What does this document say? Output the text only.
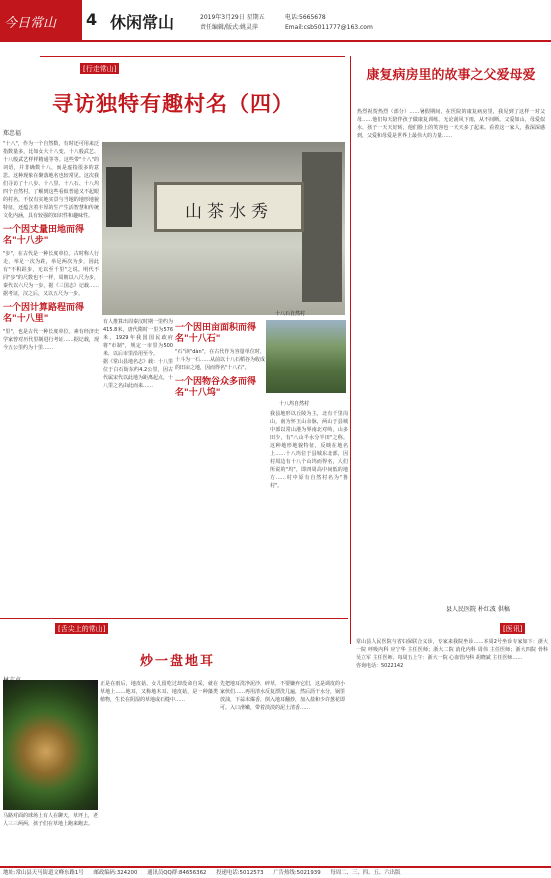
今日常山	4 休闲常山	2019年3月29日 星期五
责任编辑/版式:姚灵萍
电话:5665678
Email:csb5011777@163.com
[行走常山]
寻访独特有趣村名（四）
郑忠福
山茶水秀
十八石自然村
十八坞自然村

"十八"，作为一个自然数，有时还可用来泛指数量多，比如女大十八变、十八般武艺、十八般武艺样样精通等等。这些带"十八"的词语，并非确数十八，而是虚指很多的意思。这种现象在聚落地名也较常见。这次我们寻访了十八步、十八里、十八石、十八坞四个自然村，了解到这些看似普通又不起眼的村名，不仅有实地实景与当地的地形地貌特征，还蕴含着丰厚的生产生活智慧和传统文化内涵，具有较强的知识性和趣味性。

一个因丈量田地而得名"十八步"

"步"，在古代是一种长度单位。古时称人行走，举足一次为跬，举足两次为步，因此有"不积跬步，无以至千里"之说。明代不同"步"的尺数也不一样，周朝以八尺为步，秦代以六尺为一步。据《三国志》记载……据考证，汉之后，又以五尺为一步。

一个因计算路程而得名"十八里"

"里"，也是古代一种长度单位。素有经济史学家曾对历代里制进行考证……据记载，现今五公里约为十里……

有人推算出周秦汉时期一里约为415.8米，唐代隋时一里为576米，1929年我国国民政府将"市制"，规定一市里为500米，以后市里沿用至今。

据《常山县地名志》载：十八里位于白石街东约4.2公里，因古代属宋代以此地为距离起点，十八里之名由此而来……

一个因田亩面积而得名"十八石"

"石"读"dàn"，在古代作为容量单位时，十斗为一石……从前以十八石稻谷为收成的田亩之地，因而得名"十八石"。

一个因物谷众多而得名"十八坞"

我县地形以丘陵为主，北有千里岗山，南为怀玉山余脉，两山于县城中部以常山港为界南北对峙，山多田少，有"八山半水分半田"之称。这种地形地貌特征，反映在地名上……十八坞位于县城东北部，因村周边有十八个山坞而得名，人们所说的"坞"，即四周高中间低的地方……村中原有自然村名为"鲁村"。

康复病房里的故事之父爱母爱

热烈祝贺热烈（部分）……暑假期间，在医院的康复病房里，我见到了这样一对父母……他们每天陪伴孩子做康复训练，无论刮风下雨，从不间断。父爱如山，母爱似水，孩子一天天好转，他们脸上的笑容也一天天多了起来。看着这一家人，我深深感到，父爱和母爱是世界上最伟大的力量……

县人民医院 朴红波 供稿
[舌尖上的常山]
炒一盘地耳

马路对面的球场上有人在聊天，草坪上，老人三三两两，孩子们在草地上跑来跑去。

正是在雨后，地皮菇、女儿留吃过却没命自采，就在草地上……地耳，又称地木耳、地皮菇，是一种藻类植物，生长在阴湿的草地或石缝中……

先把地耳洗净泥沙，碎草，不要嫌弃它们，这是调皮的小家伙们……再用清水反复漂洗几遍，然后沥干水分，锅里放油，下蒜末爆香，倒入地耳翻炒，加入盐和少许葱花即可。入口滑嫩，带着淡淡的泥土清香……

[医讯]

常山县人民医院与省妇保联合义诊，专家来我院坐诊……本周2号坐诊专家如下：浙大一院 呼吸内科 应宁华 主任医师；浙大二院 消化内科 周伟 主任医师；浙大四院 骨科 吴立军 主任医师。每周五上午：浙大一院 心血管内科 胡晓斌 主任医师……

咨询电话：5022142

地址:常山县天马街道文峰东路1号 邮政编码:324200 通讯员QQ群:84656362 投递电话:5012573 广告热线:5021939 每周二、三、四、五、六出版
